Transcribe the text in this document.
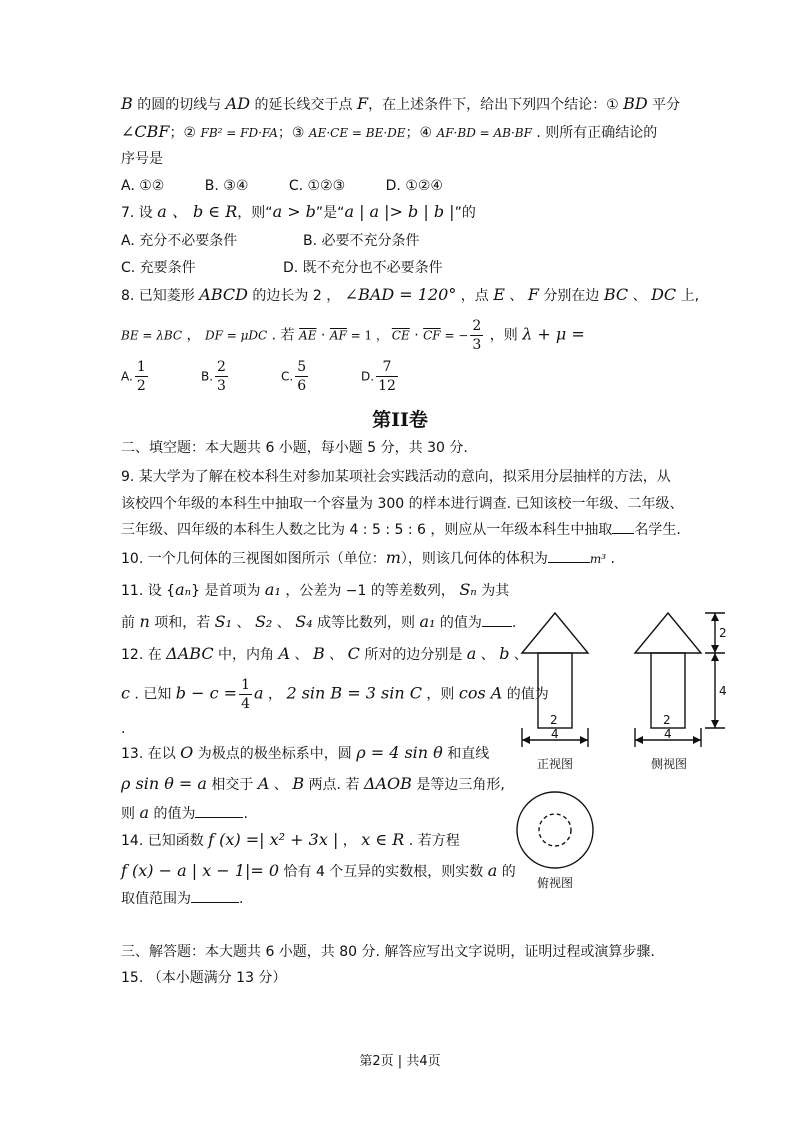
B 的圆的切线与 AD 的延长线交于点 F，在上述条件下，给出下列四个结论：① BD 平分
∠CBF；② FB² = FD·FA；③ AE·CE = BE·DE；④ AF·BD = AB·BF . 则所有正确结论的
序号是
A. ①②	B. ③④	C. ①②③	D. ①②④
7. 设 a 、 b ∈ R，则“a > b”是“a | a |> b | b |”的
A. 充分不必要条件	B. 必要不充分条件
C. 充要条件	D. 既不充分也不必要条件
8. 已知菱形 ABCD 的边长为 2 ， ∠BAD = 120° ，点 E 、 F 分别在边 BC 、 DC 上,
BE = λBC ， DF = μDC . 若 $\overline{AE} \cdot \overline{AF} = 1$ ， $\overline{CE} \cdot \overline{CF}$ = − $\frac{2}{3}$ ，则 λ + μ =
A. $\frac{1}{2}$	B. $\frac{2}{3}$	C. $\frac{5}{6}$	D. $\frac{7}{12}$
第II卷
二、填空题：本大题共 6 小题，每小题 5 分，共 30 分.
9. 某大学为了解在校本科生对参加某项社会实践活动的意向，拟采用分层抽样的方法，从
该校四个年级的本科生中抽取一个容量为 300 的样本进行调查. 已知该校一年级、二年级、
三年级、四年级的本科生人数之比为 4 : 5 : 5 : 6 ，则应从一年级本科生中抽取 名学生.
10. 一个几何体的三视图如图所示（单位：m），则该几何体的体积为	m³ .
11. 设 {aₙ} 是首项为 a₁ ，公差为 −1 的等差数列， Sₙ 为其
前 n 项和，若 S₁ 、 S₂ 、 S₄ 成等比数列，则 a₁ 的值为 .
12. 在 ΔABC 中，内角 A 、 B 、 C 所对的边分别是 a 、 b 、
c . 已知 $b - c = \frac{1}{4}$ a ， 2 sin B = 3 sin C ，则 cos A 的值为
.
13. 在以 O 为极点的极坐标系中，圆 ρ = 4 sin θ 和直线
ρ sin θ = a 相交于 A 、 B 两点. 若 ΔAOB 是等边三角形,
则 a 的值为	.
14. 已知函数 f (x) =| x² + 3x | ， x ∈ R . 若方程
f (x) − a | x − 1|= 0 恰有 4 个互异的实数根，则实数 a 的
取值范围为	.
三、解答题：本大题共 6 小题，共 80 分. 解答应写出文字说明，证明过程或演算步骤.
15. （本小题满分 13 分）
2	2
4	4
2
4
正视图	侧视图
俯视图
第2页 | 共4页
